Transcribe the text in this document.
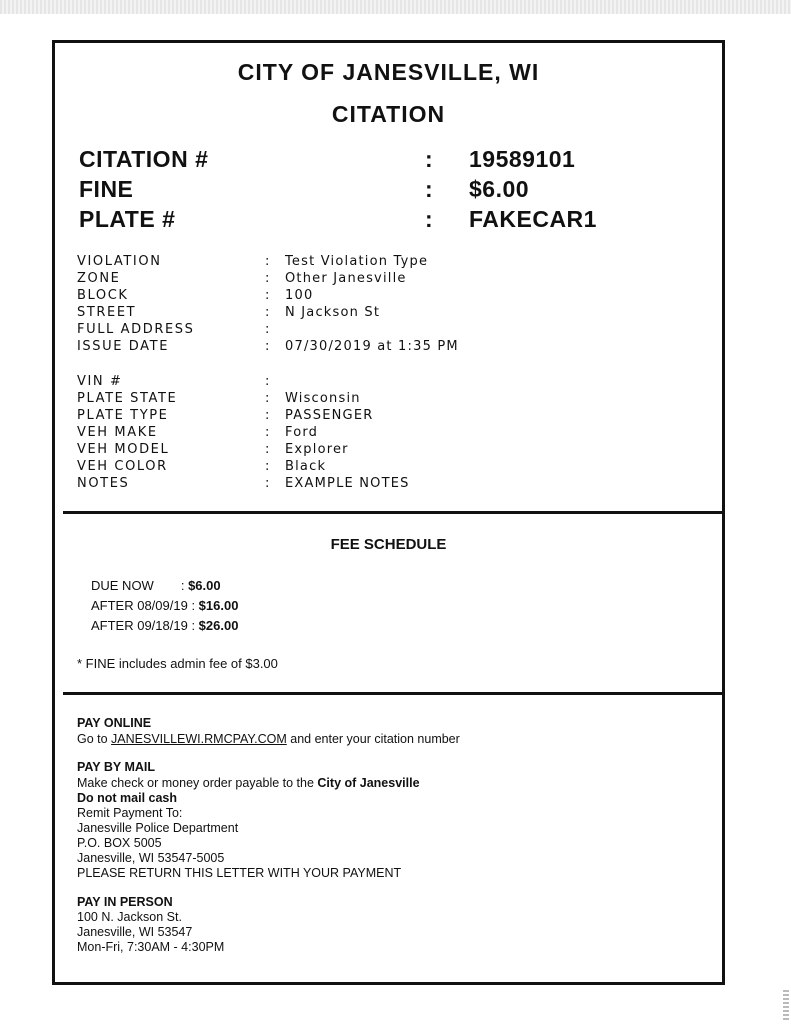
CITY OF JANESVILLE, WI
CITATION
CITATION #	: 19589101
FINE	: $6.00
PLATE #	: FAKECAR1
VIOLATION	: Test Violation Type
ZONE	: Other Janesville
BLOCK	: 100
STREET	: N Jackson St
FULL ADDRESS	:
ISSUE DATE	: 07/30/2019 at 1:35 PM
VIN #	:
PLATE STATE	: Wisconsin
PLATE TYPE	: PASSENGER
VEH MAKE	: Ford
VEH MODEL	: Explorer
VEH COLOR	: Black
NOTES	: EXAMPLE NOTES
FEE SCHEDULE
DUE NOW : $6.00
AFTER 08/09/19 : $16.00
AFTER 09/18/19 : $26.00
* FINE includes admin fee of $3.00
PAY ONLINE
Go to JANESVILLEWI.RMCPAY.COM and enter your citation number
PAY BY MAIL
Make check or money order payable to the City of Janesville
Do not mail cash
Remit Payment To:
Janesville Police Department
P.O. BOX 5005
Janesville, WI 53547-5005
PLEASE RETURN THIS LETTER WITH YOUR PAYMENT
PAY IN PERSON
100 N. Jackson St.
Janesville, WI 53547
Mon-Fri, 7:30AM - 4:30PM
